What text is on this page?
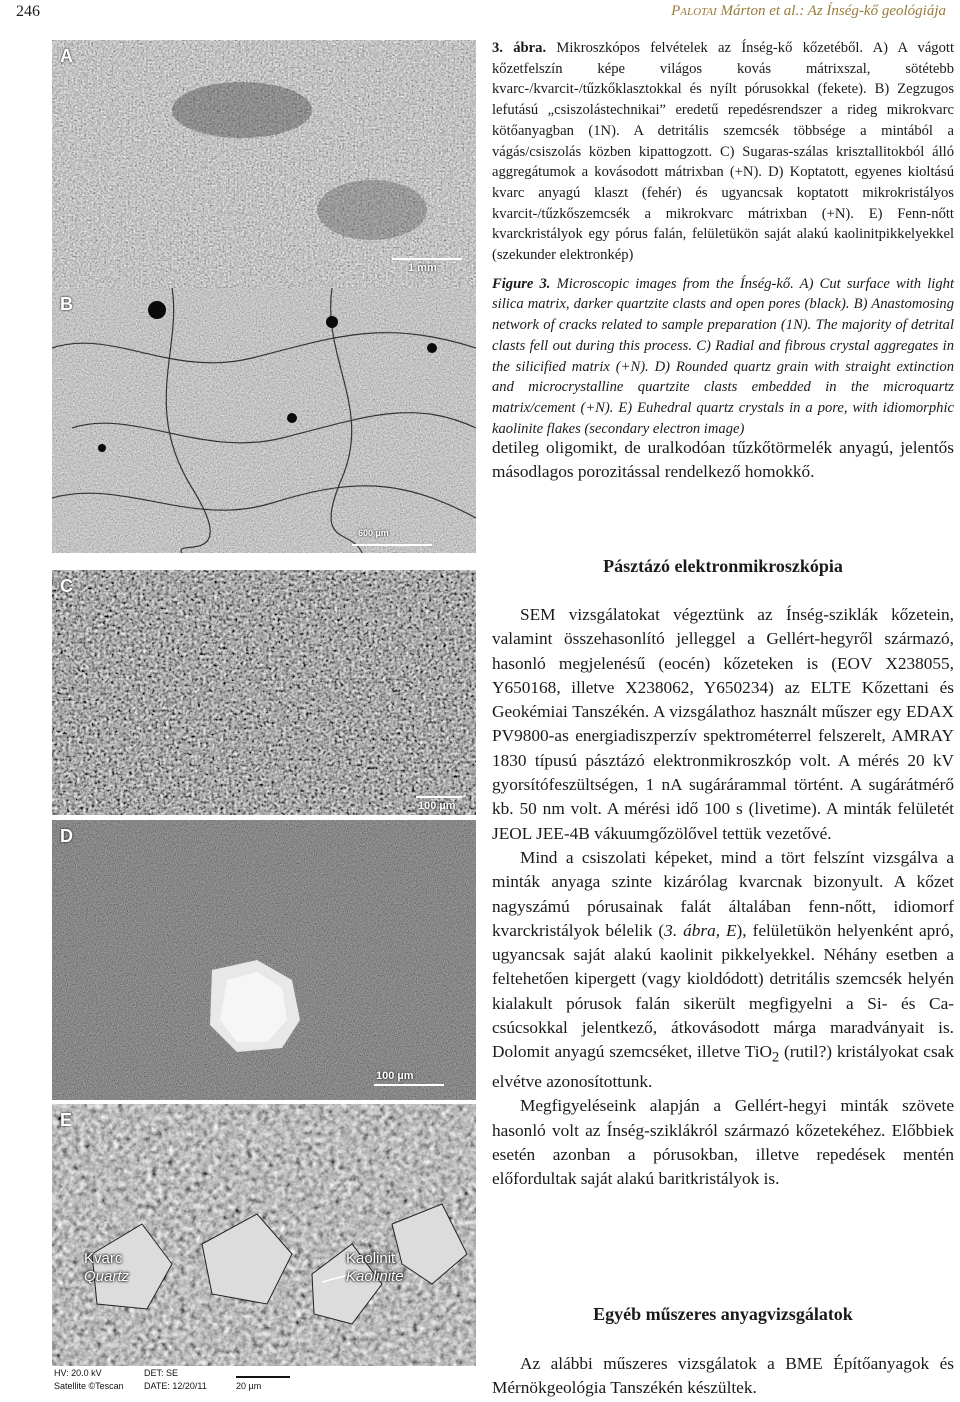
246	Palotai Márton et al.: Az Ínség-kő geológiája
A
1 mm
B
600 µm
C
100 µm
D
100 µm
E
Kvarc
Quartz
Kaolinit
Kaolinite
HV: 20.0 kV	DET: SE
Satellite ©Tescan DATE: 12/20/11	20 µm

3. ábra. Mikroszkópos felvételek az Ínség-kő kőzetéből. A) A vágott kőzetfelszín képe világos kovás mátrixszal, sötétebb kvarc-/kvarcit-/tűzkőklasztokkal és nyílt pórusokkal (fekete). B) Zegzugos lefutású „csiszolástechnikai” eredetű repedésrendszer a rideg mikrokvarc kötőanyagban (1N). A detritális szemcsék többsége a mintából a vágás/csiszolás közben kipattogzott. C) Sugaras-szálas krisztallitokból álló aggregátumok a kovásodott mátrixban (+N). D) Koptatott, egyenes kioltású kvarc anyagú klaszt (fehér) és ugyancsak koptatott mikrokristályos kvarcit-/tűzkőszemcsék a mikrokvarc mátrixban (+N). E) Fenn-nőtt kvarckristályok egy pórus falán, felületükön saját alakú kaolinitpikkelyekkel (szekunder elektronkép)

Figure 3. Microscopic images from the Ínség-kő. A) Cut surface with light silica matrix, darker quartzite clasts and open pores (black). B) Anastomosing network of cracks related to sample preparation (1N). The majority of detrital clasts fell out during this process. C) Radial and fibrous crystal aggregates in the silicified matrix (+N). D) Rounded quartz grain with straight extinction and microcrystalline quartzite clasts embedded in the microquartz matrix/cement (+N). E) Euhedral quartz crystals in a pore, with idiomorphic kaolinite flakes (secondary electron image)

detileg oligomikt, de uralkodóan tűzkőtörmelék anyagú, jelentős másodlagos porozitással rendelkező homokkő.

Pásztázó elektronmikroszkópia

SEM vizsgálatokat végeztünk az Ínség-sziklák kőzetein, valamint összehasonlító jelleggel a Gellért-hegyről származó, hasonló megjelenésű (eocén) kőzeteken is (EOV X238055, Y650168, illetve X238062, Y650234) az ELTE Kőzettani és Geokémiai Tanszékén. A vizsgálathoz használt műszer egy EDAX PV9800-as energiadiszperzív spektrométerrel felszerelt, AMRAY 1830 típusú pásztázó elektronmikroszkóp volt. A mérés 20 kV gyorsítófeszültségen, 1 nA sugárárammal történt. A sugárátmérő kb. 50 nm volt. A mérési idő 100 s (livetime). A minták felületét JEOL JEE-4B vákuumgőzölővel tettük vezetővé.

Mind a csiszolati képeket, mind a tört felszínt vizsgálva a minták anyaga szinte kizárólag kvarcnak bizonyult. A kőzet nagyszámú pórusainak falát általában fenn-nőtt, idiomorf kvarckristályok bélelik (3. ábra, E), felületükön helyenként apró, ugyancsak saját alakú kaolinit pikkelyekkel. Néhány esetben a feltehetően kipergett (vagy kioldódott) detritális szemcsék helyén kialakult pórusok falán sikerült megfigyelni a Si- és Ca-csúcsokkal jelentkező, átkovásodott márga maradványait is. Dolomit anyagú szemcséket, illetve TiO$_2$ (rutil?) kristályokat csak elvétve azonosítottunk.

Megfigyeléseink alapján a Gellért-hegyi minták szövete hasonló volt az Ínség-sziklákról származó kőzetekéhez. Előbbiek esetén azonban a pórusokban, illetve repedések mentén előfordultak saját alakú baritkristályok is.

Egyéb műszeres anyagvizsgálatok

Az alábbi műszeres vizsgálatok a BME Építőanyagok és Mérnökgeológia Tanszékén készültek.
